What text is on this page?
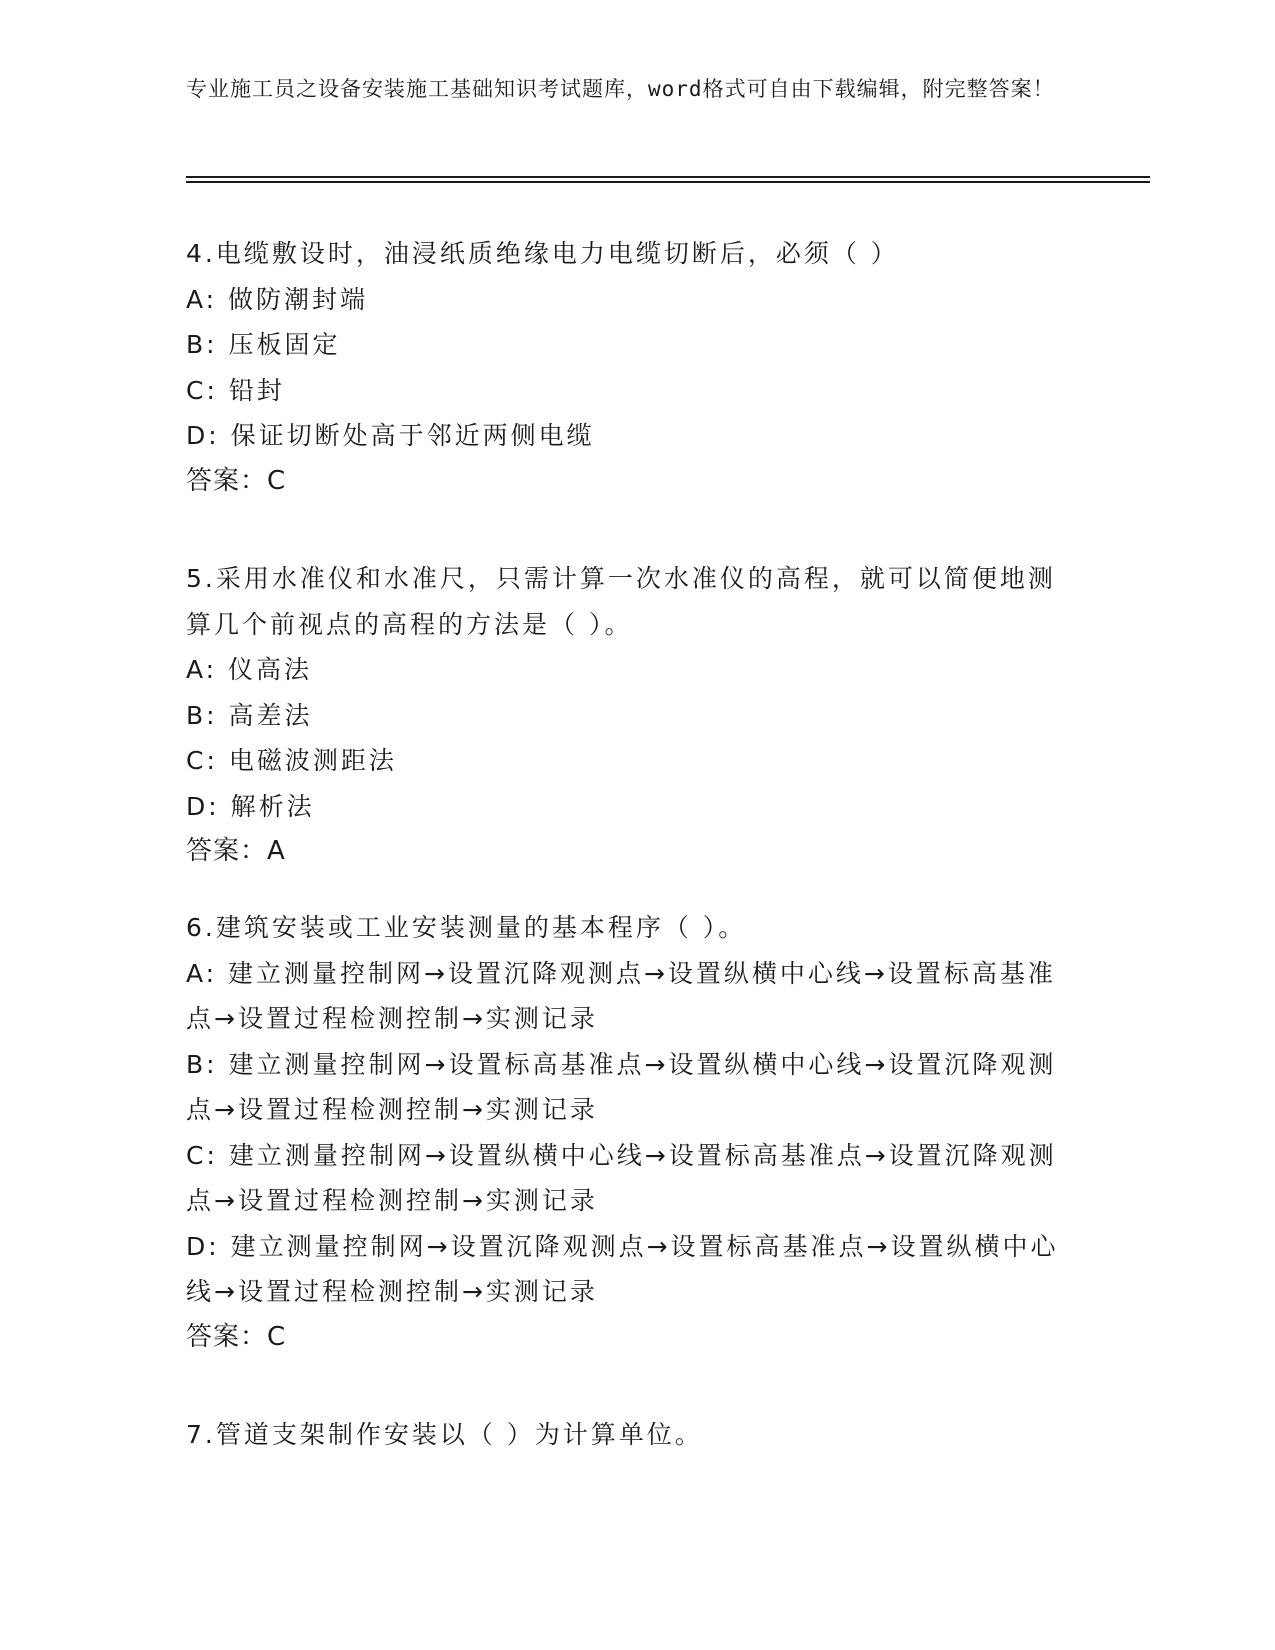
专业施工员之设备安装施工基础知识考试题库，word格式可自由下载编辑，附完整答案！
4.电缆敷设时，油浸纸质绝缘电力电缆切断后，必须（ ）
A: 做防潮封端
B: 压板固定
C: 铅封
D: 保证切断处高于邻近两侧电缆
答案：C
5.采用水准仪和水准尺，只需计算一次水准仪的高程，就可以简便地测算几个前视点的高程的方法是（ ）。
A: 仪高法
B: 高差法
C: 电磁波测距法
D: 解析法
答案：A
6.建筑安装或工业安装测量的基本程序（ ）。
A: 建立测量控制网→设置沉降观测点→设置纵横中心线→设置标高基准点→设置过程检测控制→实测记录
B: 建立测量控制网→设置标高基准点→设置纵横中心线→设置沉降观测点→设置过程检测控制→实测记录
C: 建立测量控制网→设置纵横中心线→设置标高基准点→设置沉降观测点→设置过程检测控制→实测记录
D: 建立测量控制网→设置沉降观测点→设置标高基准点→设置纵横中心线→设置过程检测控制→实测记录
答案：C
7.管道支架制作安装以（ ）为计算单位。
